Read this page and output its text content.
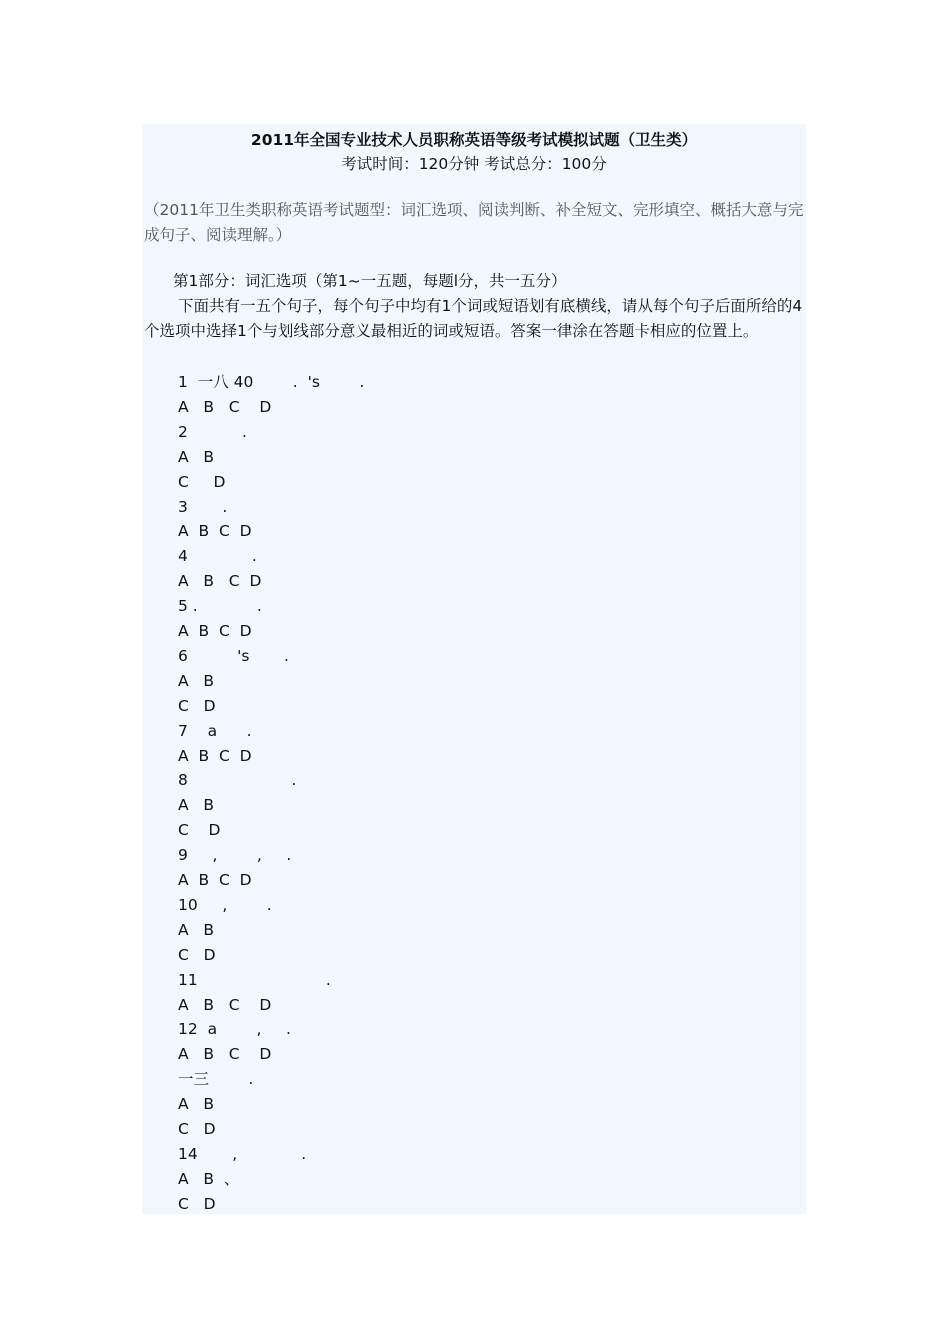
2011年全国专业技术人员职称英语等级考试模拟试题（卫生类）
考试时间：120分钟 考试总分：100分
（2011年卫生类职称英语考试题型：词汇选项、阅读判断、补全短文、完形填空、概括大意与完成句子、阅读理解。）
第1部分：词汇选项（第1~一五题，每题l分，共一五分）
下面共有一五个句子，每个句子中均有1个词或短语划有底横线，请从每个句子后面所给的4个选项中选择1个与划线部分意义最相近的词或短语。答案一律涂在答题卡相应的位置上。
1  一八 40        .  's        .
A   B   C    D
2           .
A   B
C     D
3       .
A  B  C  D
4             .
A   B   C  D
5 .            .
A  B  C  D
6          's       .
A   B
C   D
7    a      .
A  B  C  D
8                     .
A   B
C    D
9     ,        ,     .
A  B  C  D
10     ,        .
A   B
C   D
11                          .
A   B   C    D
12  a        ,     .
A   B   C    D
一三        .
A   B
C   D
14       ,             .
A   B  、
C   D
